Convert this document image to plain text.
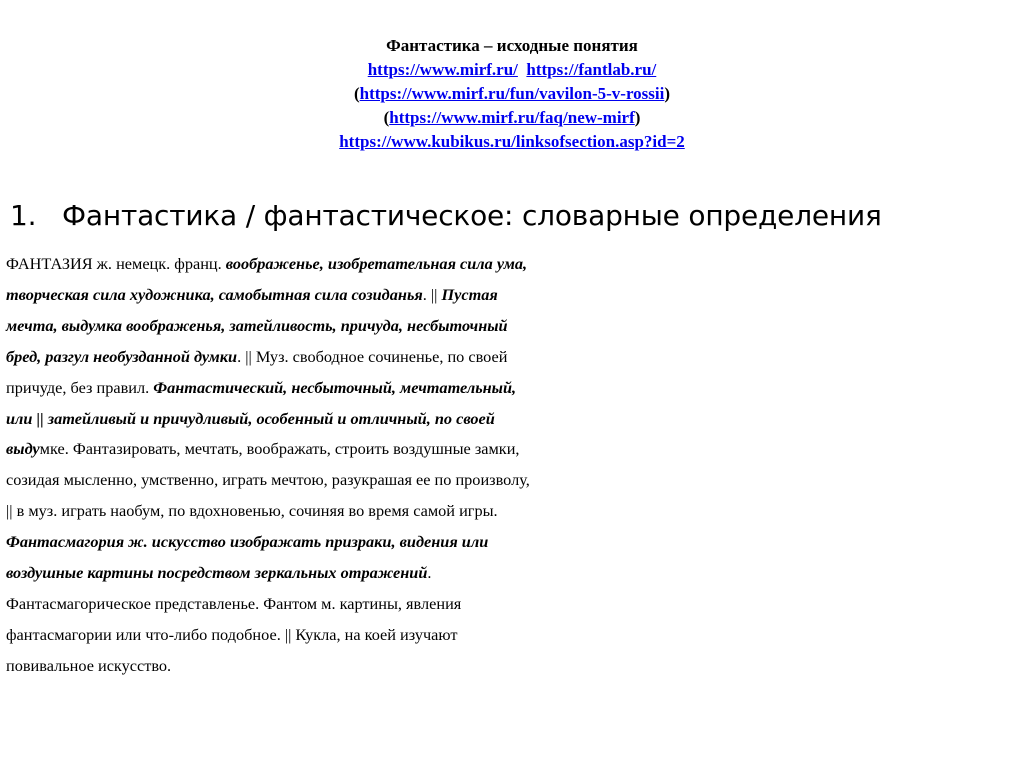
Фантастика – исходные понятия
https://www.mirf.ru/ https://fantlab.ru/
(https://www.mirf.ru/fun/vavilon-5-v-rossii)
(https://www.mirf.ru/faq/new-mirf)
https://www.kubikus.ru/linksofsection.asp?id=2
1. Фантастика / фантастическое: словарные определения
ФАНТАЗИЯ ж. немецк. франц. воображенье, изобретательная сила ума,
творческая сила художника, самобытная сила созиданья. || Пустая
мечта, выдумка воображенья, затейливость, причуда, несбыточный
бред, разгул необузданной думки. || Муз. свободное сочиненье, по своей
причуде, без правил. Фантастический, несбыточный, мечтательный,
или || затейливый и причудливый, особенный и отличный, по своей
выдумке. Фантазировать, мечтать, воображать, строить воздушные замки,
созидая мысленно, умственно, играть мечтою, разукрашая ее по произволу,
|| в муз. играть наобум, по вдохновенью, сочиняя во время самой игры.
Фантасмагория ж. искусство изображать призраки, видения или
воздушные картины посредством зеркальных отражений.
Фантасмагорическое представленье. Фантом м. картины, явления
фантасмагории или что-либо подобное. || Кукла, на коей изучают
повивальное искусство.
